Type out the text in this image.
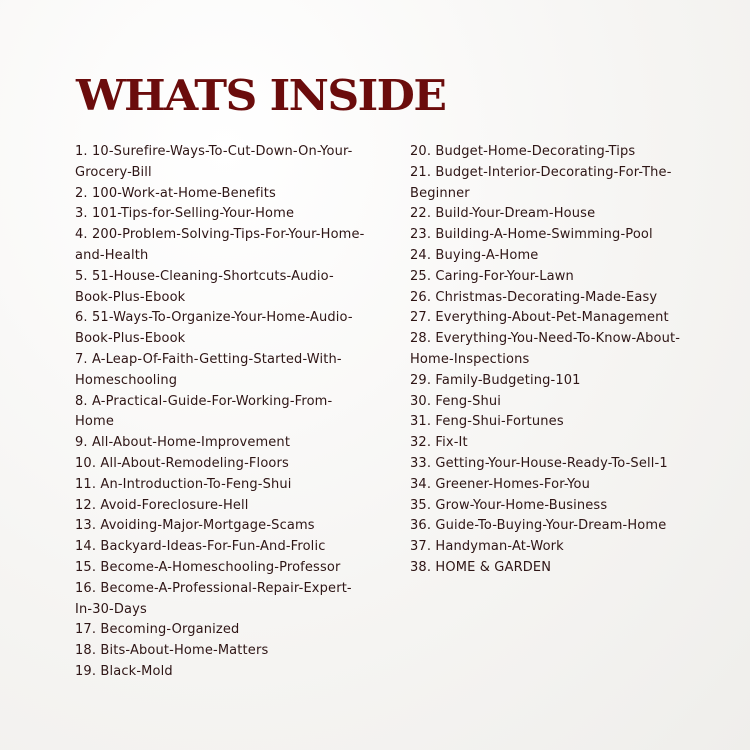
WHATS INSIDE
1. 10-Surefire-Ways-To-Cut-Down-On-Your-Grocery-Bill
2. 100-Work-at-Home-Benefits
3. 101-Tips-for-Selling-Your-Home
4. 200-Problem-Solving-Tips-For-Your-Home-and-Health
5. 51-House-Cleaning-Shortcuts-Audio-Book-Plus-Ebook
6. 51-Ways-To-Organize-Your-Home-Audio-Book-Plus-Ebook
7. A-Leap-Of-Faith-Getting-Started-With-Homeschooling
8. A-Practical-Guide-For-Working-From-Home
9. All-About-Home-Improvement
10. All-About-Remodeling-Floors
11. An-Introduction-To-Feng-Shui
12. Avoid-Foreclosure-Hell
13. Avoiding-Major-Mortgage-Scams
14. Backyard-Ideas-For-Fun-And-Frolic
15. Become-A-Homeschooling-Professor
16. Become-A-Professional-Repair-Expert-In-30-Days
17. Becoming-Organized
18. Bits-About-Home-Matters
19. Black-Mold
20. Budget-Home-Decorating-Tips
21. Budget-Interior-Decorating-For-The-Beginner
22. Build-Your-Dream-House
23. Building-A-Home-Swimming-Pool
24. Buying-A-Home
25. Caring-For-Your-Lawn
26. Christmas-Decorating-Made-Easy
27. Everything-About-Pet-Management
28. Everything-You-Need-To-Know-About-Home-Inspections
29. Family-Budgeting-101
30. Feng-Shui
31. Feng-Shui-Fortunes
32. Fix-It
33. Getting-Your-House-Ready-To-Sell-1
34. Greener-Homes-For-You
35. Grow-Your-Home-Business
36. Guide-To-Buying-Your-Dream-Home
37. Handyman-At-Work
38. HOME & GARDEN
